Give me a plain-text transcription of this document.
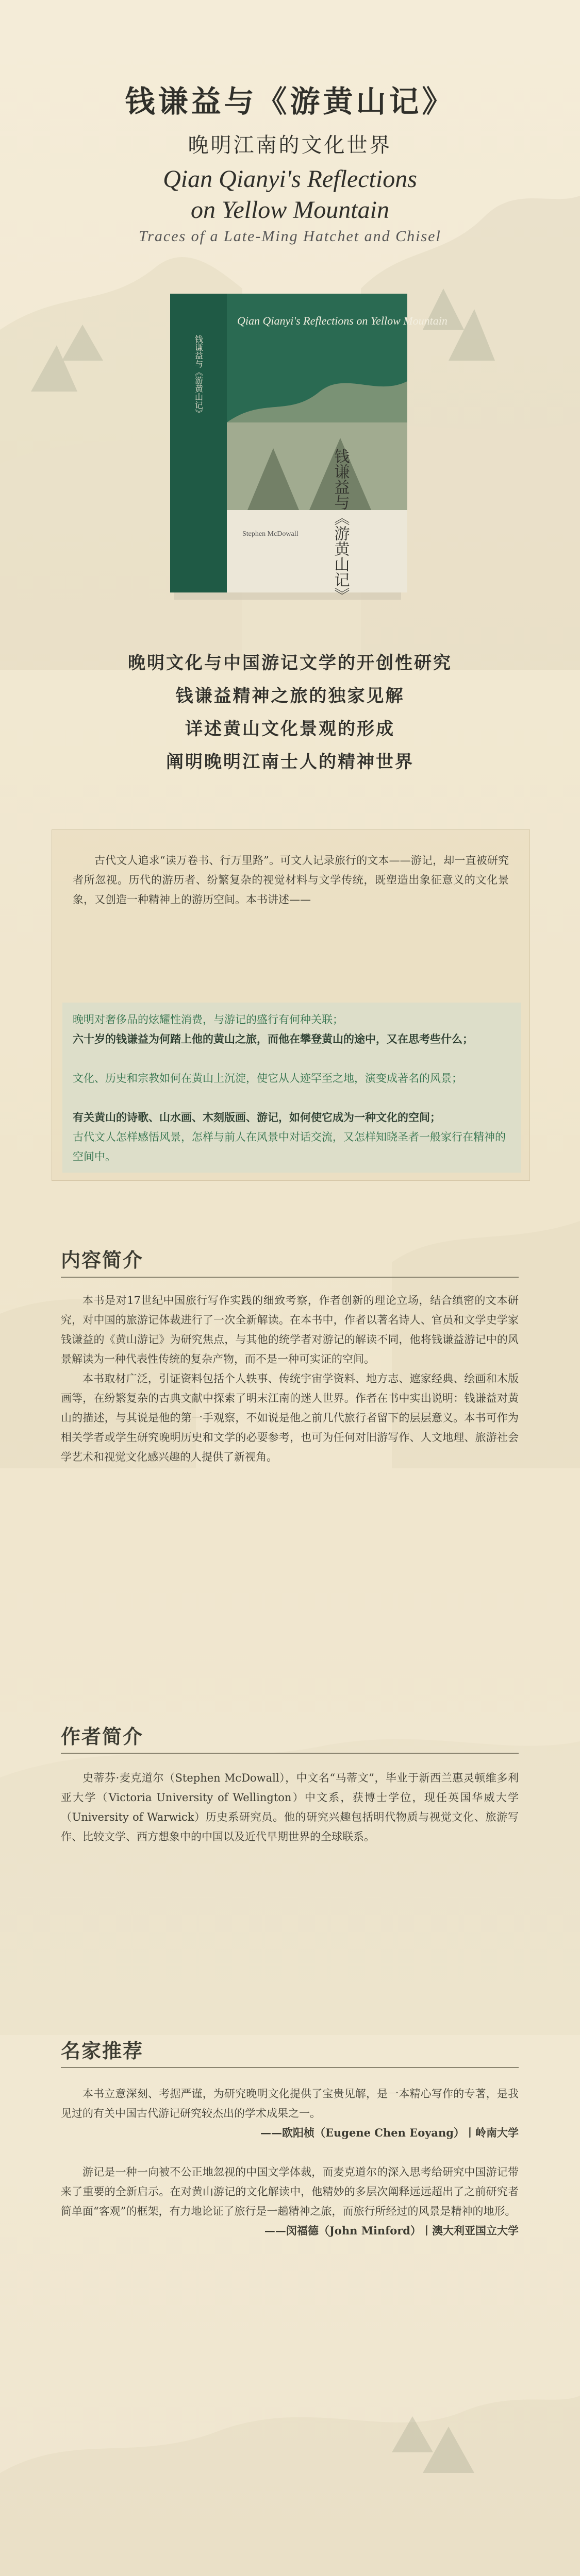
钱谦益与《游黄山记》
晚明江南的文化世界
Qian Qianyi's Reflections
on Yellow Mountain
Traces of a Late-Ming Hatchet and Chisel
Qian Qianyi's Reflections on Yellow Mountain
钱谦益与《游黄山记》
钱谦益与《游黄山记》
Stephen McDowall
晚明文化与中国游记文学的开创性研究
钱谦益精神之旅的独家见解
详述黄山文化景观的形成
阐明晚明江南士人的精神世界

古代文人追求“读万卷书、行万里路”。可文人记录旅行的文本——游记，却一直被研究者所忽视。历代的游历者、纷繁复杂的视觉材料与文学传统，既塑造出象征意义的文化景象，又创造一种精神上的游历空间。本书讲述——

晚明对奢侈品的炫耀性消费，与游记的盛行有何种关联；
六十岁的钱谦益为何踏上他的黄山之旅，而他在攀登黄山的途中，又在思考些什么；
文化、历史和宗教如何在黄山上沉淀，使它从人迹罕至之地，演变成著名的风景；
有关黄山的诗歌、山水画、木刻版画、游记，如何使它成为一种文化的空间；
古代文人怎样感悟风景，怎样与前人在风景中对话交流，又怎样知晓圣者一般家行在精神的空间中。
内容简介

本书是对17世纪中国旅行写作实践的细致考察，作者创新的理论立场，结合缜密的文本研究，对中国的旅游记体裁进行了一次全新解读。在本书中，作者以著名诗人、官员和文学史学家钱谦益的《黄山游记》为研究焦点，与其他的统学者对游记的解读不同，他将钱谦益游记中的风景解读为一种代表性传统的复杂产物，而不是一种可实证的空间。

本书取材广泛，引证资料包括个人轶事、传统宇宙学资料、地方志、遮家经典、绘画和木版画等，在纷繁复杂的古典文献中探索了明末江南的迷人世界。作者在书中实出说明：钱谦益对黄山的描述，与其说是他的第一手观察，不如说是他之前几代旅行者留下的层层意义。本书可作为相关学者或学生研究晚明历史和文学的必要参考，也可为任何对旧游写作、人文地理、旅游社会学艺术和视觉文化感兴趣的人提供了新视角。

作者简介

史蒂芬·麦克道尔（Stephen McDowall），中文名“马蒂文”，毕业于新西兰惠灵顿维多利亚大学（Victoria University of Wellington）中文系，获博士学位，现任英国华威大学（University of Warwick）历史系研究员。他的研究兴趣包括明代物质与视觉文化、旅游写作、比较文学、西方想象中的中国以及近代早期世界的全球联系。

名家推荐

本书立意深刻、考据严谨，为研究晚明文化提供了宝贵见解，是一本精心写作的专著，是我见过的有关中国古代游记研究较杰出的学术成果之一。

——欧阳桢（Eugene Chen Eoyang）丨岭南大学

游记是一种一向被不公正地忽视的中国文学体裁，而麦克道尔的深入思考给研究中国游记带来了重要的全新启示。在对黄山游记的文化解读中，他精妙的多层次阐释远远超出了之前研究者简单面“客观”的框架，有力地论证了旅行是一趟精神之旅，而旅行所经过的风景是精神的地形。

——闵福德（John Minford）丨澳大利亚国立大学
